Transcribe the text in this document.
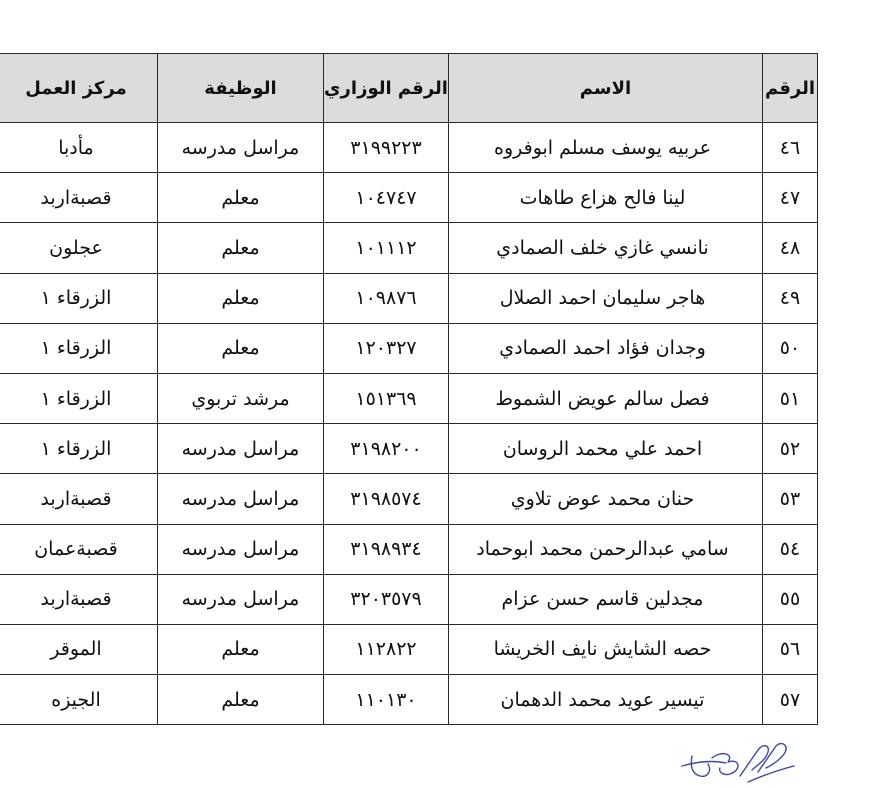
الرقم	الاسم	الرقم الوزاري	الوظيفة	مركز العمل
٤٦	عربيه يوسف مسلم ابوفروه	٣١٩٩٢٢٣	مراسل مدرسه	مأدبا
٤٧	لينا فالح هزاع طاهات	١٠٤٧٤٧	معلم	قصبةاربد
٤٨	نانسي غازي خلف الصمادي	١٠١١١٢	معلم	عجلون
٤٩	هاجر سليمان احمد الصلال	١٠٩٨٧٦	معلم	الزرقاء ١
٥٠	وجدان فؤاد احمد الصمادي	١٢٠٣٢٧	معلم	الزرقاء ١
٥١	فصل سالم عويض الشموط	١٥١٣٦٩	مرشد تربوي	الزرقاء ١
٥٢	احمد علي محمد الروسان	٣١٩٨٢٠٠	مراسل مدرسه	الزرقاء ١
٥٣	حنان محمد عوض تلاوي	٣١٩٨٥٧٤	مراسل مدرسه	قصبةاربد
٥٤	سامي عبدالرحمن محمد ابوحماد	٣١٩٨٩٣٤	مراسل مدرسه	قصبةعمان
٥٥	مجدلين قاسم حسن عزام	٣٢٠٣٥٧٩	مراسل مدرسه	قصبةاربد
٥٦	حصه الشايش نايف الخريشا	١١٢٨٢٢	معلم	الموقر
٥٧	تيسير عويد محمد الدهمان	١١٠١٣٠	معلم	الجيزه
